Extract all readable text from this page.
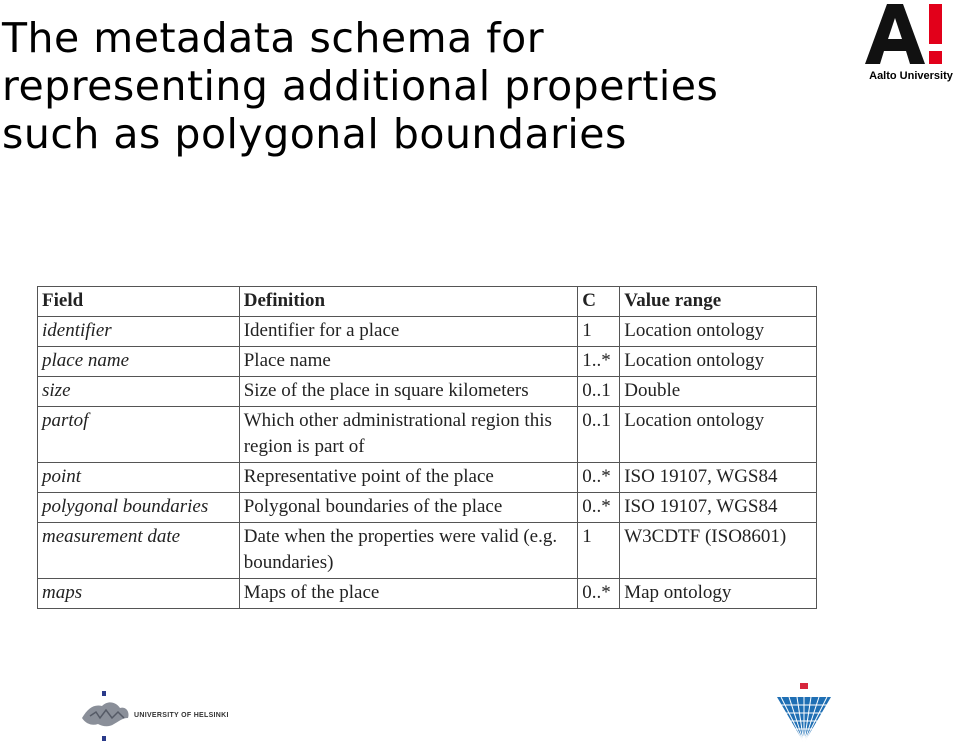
The metadata schema for
representing additional properties
such as polygonal boundaries
Aalto University
Field	Definition	C	Value range
identifier	Identifier for a place	1	Location ontology
place name	Place name	1..*	Location ontology
size	Size of the place in square kilometers	0..1	Double
partof	Which other administrational region this region is part of	0..1	Location ontology
point	Representative point of the place	0..*	ISO 19107, WGS84
polygonal boundaries	Polygonal boundaries of the place	0..*	ISO 19107, WGS84
measurement date	Date when the properties were valid (e.g. boundaries)	1	W3CDTF (ISO8601)
maps	Maps of the place	0..*	Map ontology
UNIVERSITY OF HELSINKI
